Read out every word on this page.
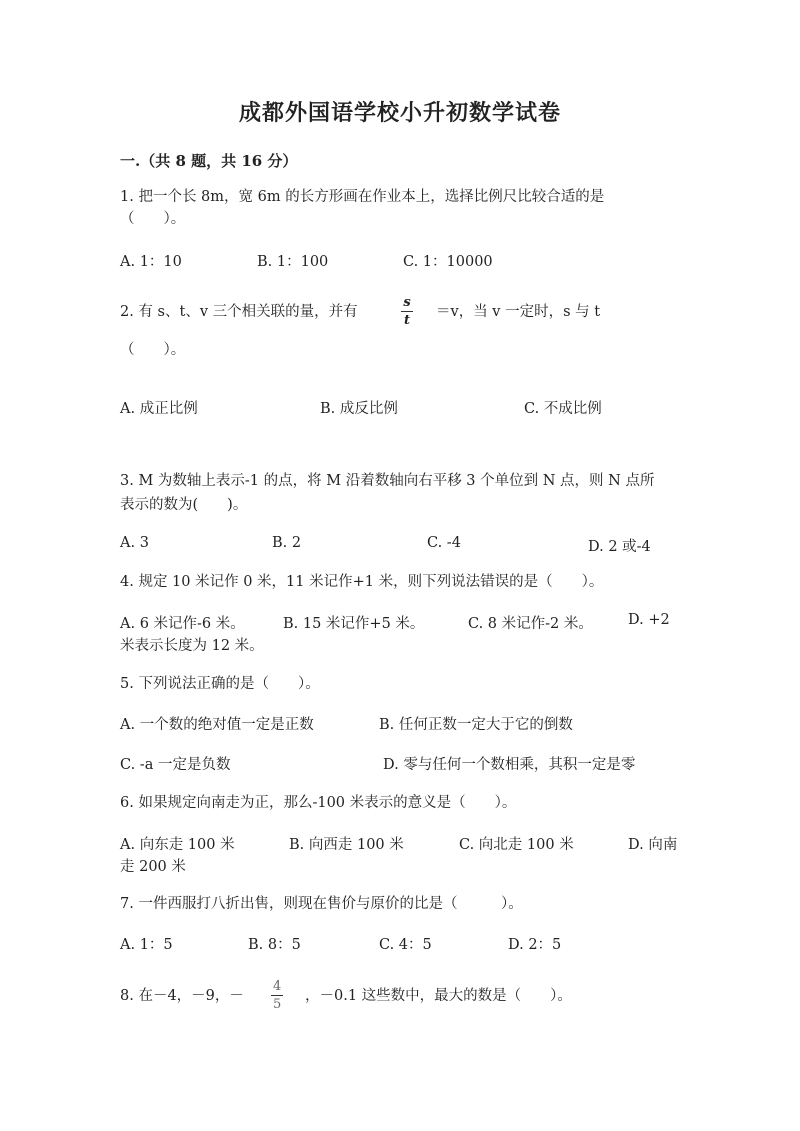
成都外国语学校小升初数学试卷
一.（共 8 题，共 16 分）
1. 把一个长 8m，宽 6m 的长方形画在作业本上，选择比例尺比较合适的是
（　　）。
A. 1：10	B. 1：100	C. 1：10000
2. 有 s、t、v 三个相关联的量，并有
s
t
＝v，当 v 一定时，s 与 t
（　　）。
A. 成正比例	B. 成反比例	C. 不成比例
3. M 为数轴上表示-1 的点，将 M 沿着数轴向右平移 3 个单位到 N 点，则 N 点所
表示的数为(　　)。
A. 3	B. 2	C. -4	D. 2 或-4
4. 规定 10 米记作 0 米，11 米记作+1 米，则下列说法错误的是（　　）。
A. 6 米记作-6 米。	B. 15 米记作+5 米。	C. 8 米记作-2 米。 D. +2
米表示长度为 12 米。
5. 下列说法正确的是（　　）。
A. 一个数的绝对值一定是正数	B. 任何正数一定大于它的倒数
C. -a 一定是负数	D. 零与任何一个数相乘，其积一定是零
6. 如果规定向南走为正，那么-100 米表示的意义是（　　）。
A. 向东走 100 米	B. 向西走 100 米	C. 向北走 100 米	D. 向南
走 200 米
7. 一件西服打八折出售，则现在售价与原价的比是（　　　）。
A. 1：5	B. 8：5	C. 4：5	D. 2：5
8. 在－4，－9，－
4
5
，－0.1 这些数中，最大的数是（　　）。
